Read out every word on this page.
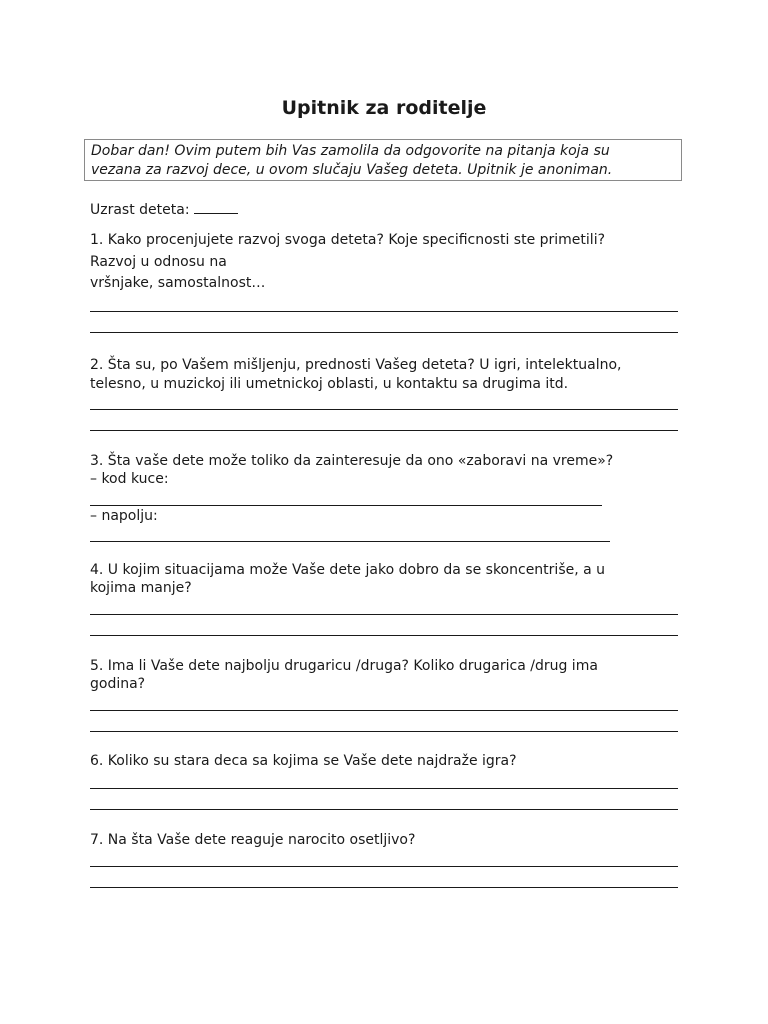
Upitnik za roditelje
Dobar dan! Ovim putem bih Vas zamolila da odgovorite na pitanja koja su
vezana za razvoj dece, u ovom slučaju Vašeg deteta. Upitnik je anoniman.
Uzrast deteta:
1. Kako procenjujete razvoj svoga deteta? Koje specificnosti ste primetili?
Razvoj u odnosu na
vršnjake, samostalnost…
2. Šta su, po Vašem mišljenju, prednosti Vašeg deteta? U igri, intelektualno,
telesno, u muzickoj ili umetnickoj oblasti, u kontaktu sa drugima itd.
3. Šta vaše dete može toliko da zainteresuje da ono «zaboravi na vreme»?
– kod kuce:
– napolju:
4. U kojim situacijama može Vaše dete jako dobro da se skoncentriše, a u
kojima manje?
5. Ima li Vaše dete najbolju drugaricu /druga? Koliko drugarica /drug ima
godina?
6. Koliko su stara deca sa kojima se Vaše dete najdraže igra?
7. Na šta Vaše dete reaguje narocito osetljivo?
